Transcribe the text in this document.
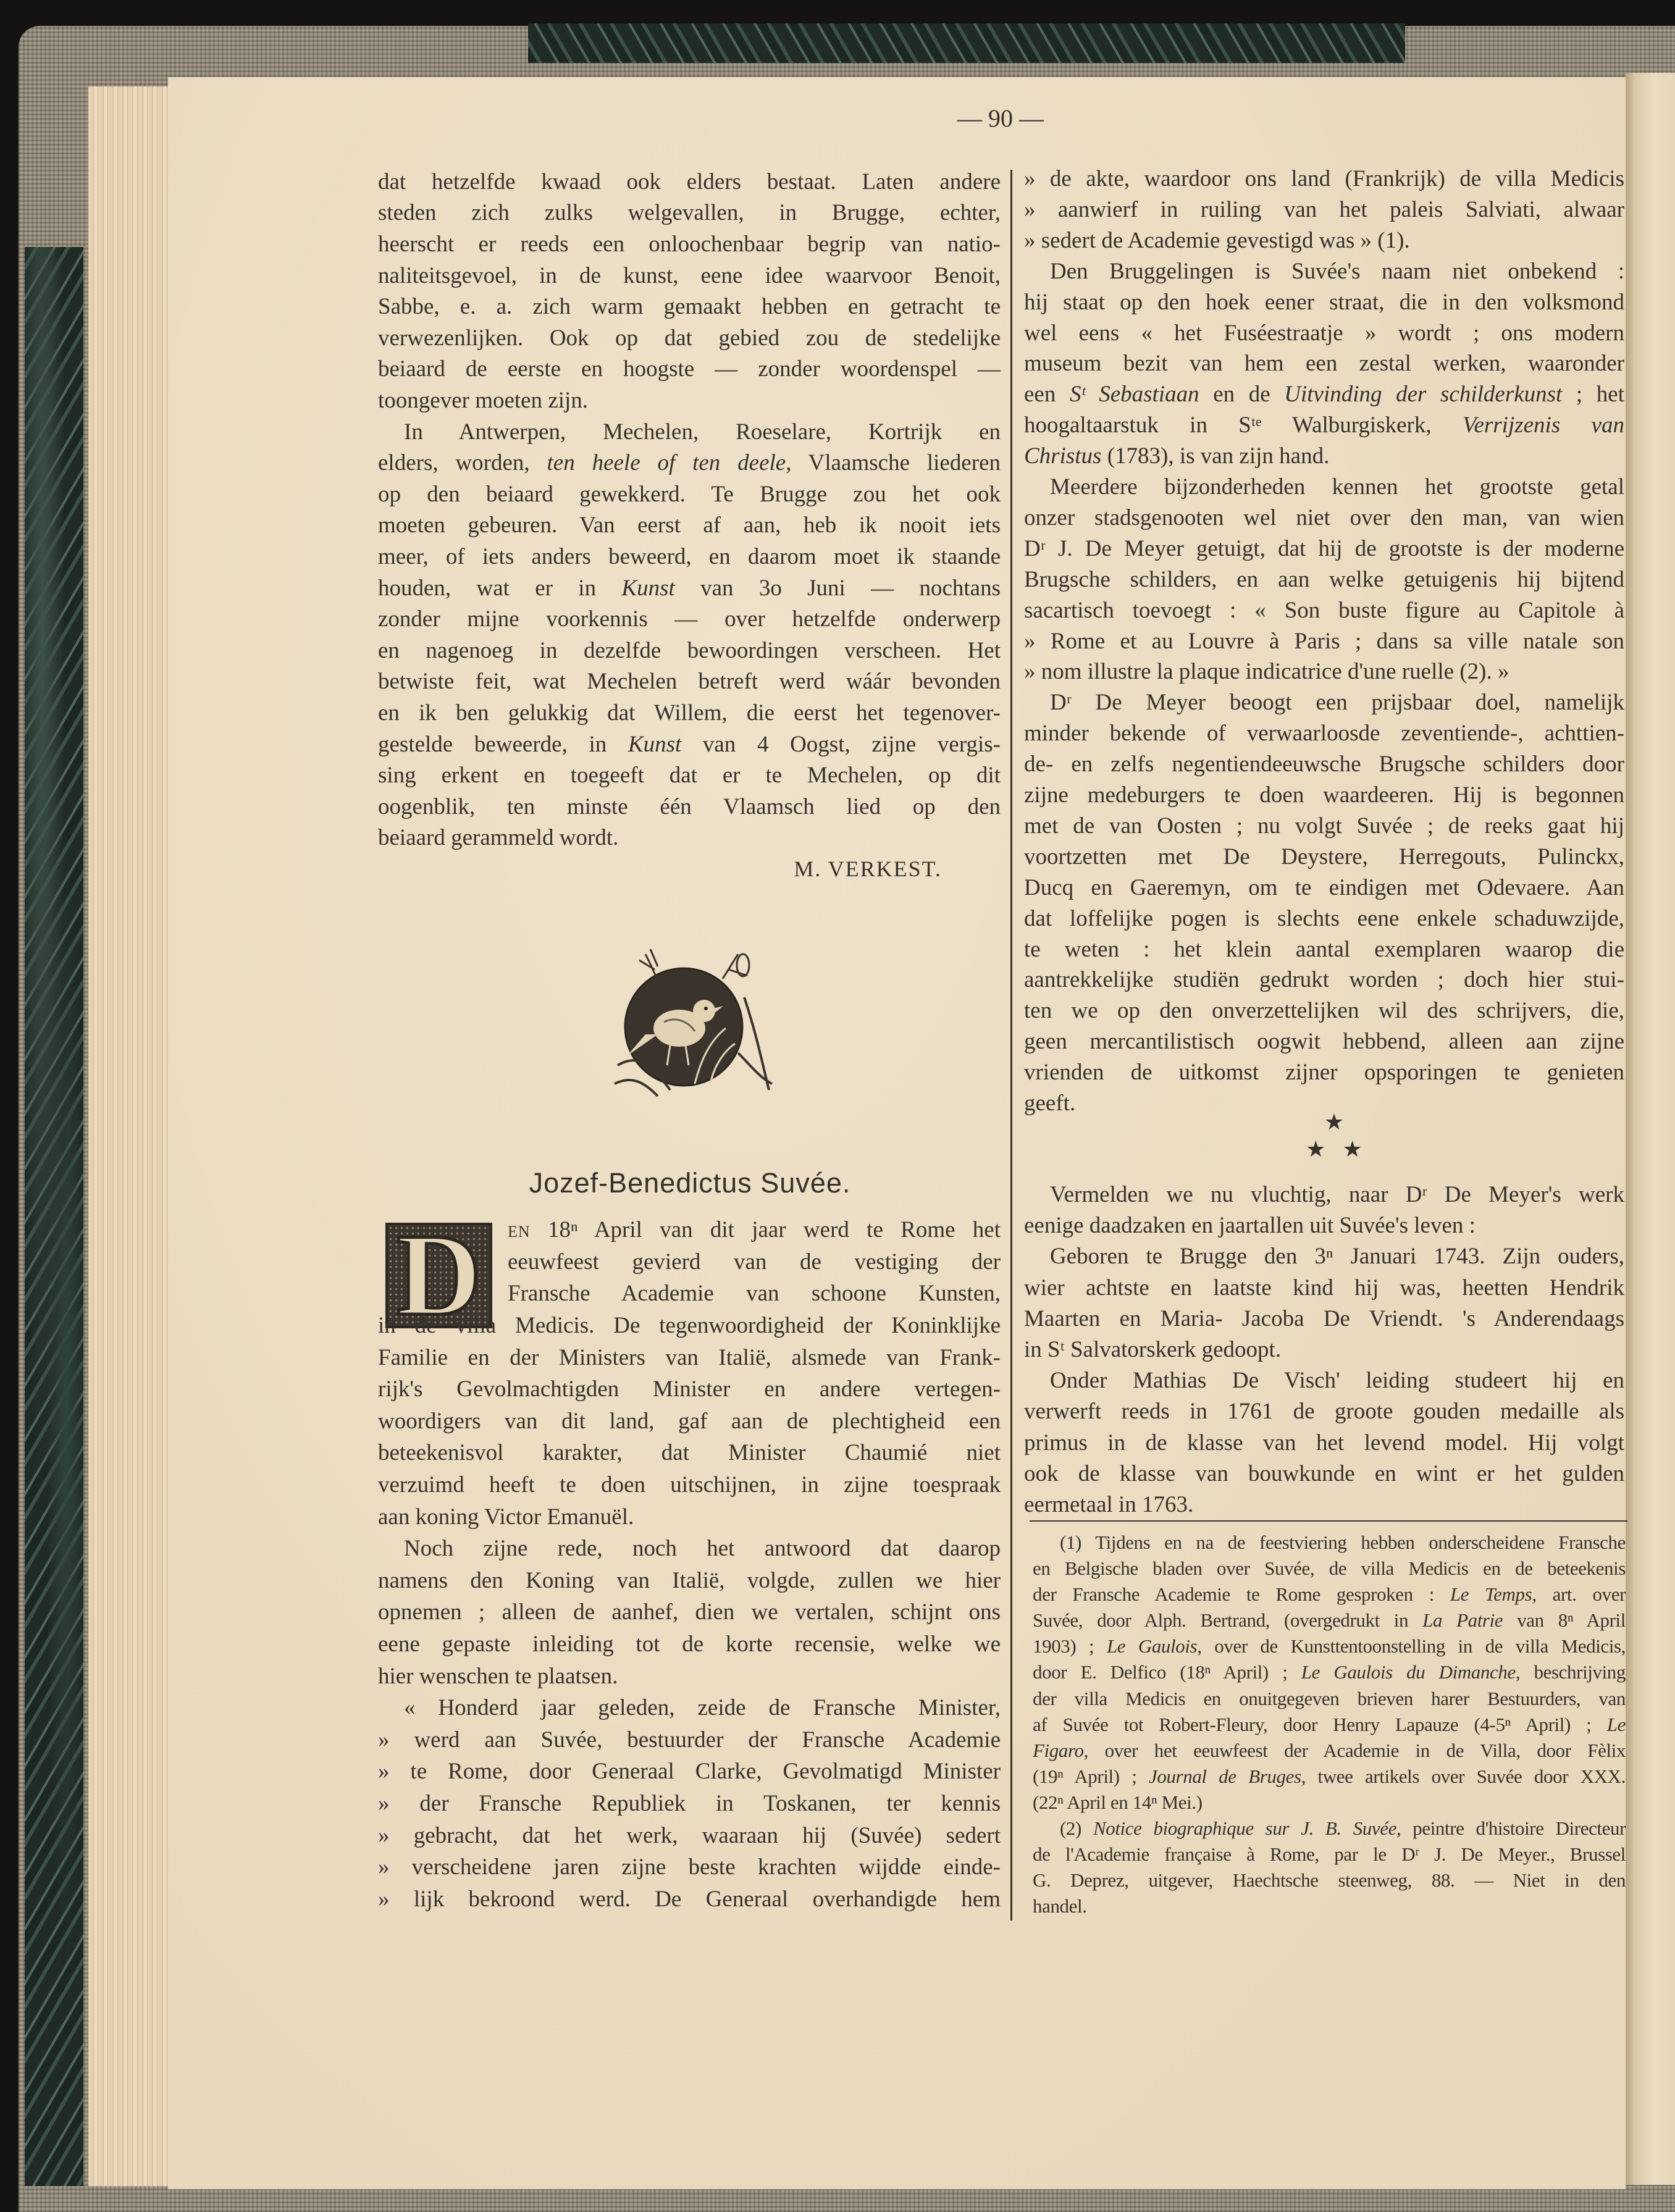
— 90 —
dat hetzelfde kwaad ook elders bestaat. Laten andere
steden zich zulks welgevallen, in Brugge, echter,
heerscht er reeds een onloochenbaar begrip van natio-
naliteitsgevoel, in de kunst, eene idee waarvoor Benoit,
Sabbe, e. a. zich warm gemaakt hebben en getracht te
verwezenlijken. Ook op dat gebied zou de stedelijke
beiaard de eerste en hoogste — zonder woordenspel —
toongever moeten zijn.
In Antwerpen, Mechelen, Roeselare, Kortrijk en
elders, worden, ten heele of ten deele, Vlaamsche liederen
op den beiaard gewekkerd. Te Brugge zou het ook
moeten gebeuren. Van eerst af aan, heb ik nooit iets
meer, of iets anders beweerd, en daarom moet ik staande
houden, wat er in Kunst van 3o Juni — nochtans
zonder mijne voorkennis — over hetzelfde onderwerp
en nagenoeg in dezelfde bewoordingen verscheen. Het
betwiste feit, wat Mechelen betreft werd wáár bevonden
en ik ben gelukkig dat Willem, die eerst het tegenover-
gestelde beweerde, in Kunst van 4 Oogst, zijne vergis-
sing erkent en toegeeft dat er te Mechelen, op dit
oogenblik, ten minste één Vlaamsch lied op den
beiaard gerammeld wordt.
M. VERKEST.
Jozef-Benedictus Suvée.
D	en 18ⁿ April van dit jaar werd te Rome het
eeuwfeest gevierd van de vestiging der
Fransche Academie van schoone Kunsten,
in de villa Medicis. De tegenwoordigheid der Koninklijke
Familie en der Ministers van Italië, alsmede van Frank-
rijk's Gevolmachtigden Minister en andere vertegen-
woordigers van dit land, gaf aan de plechtigheid een
beteekenisvol karakter, dat Minister Chaumié niet
verzuimd heeft te doen uitschijnen, in zijne toespraak
aan koning Victor Emanuël.
Noch zijne rede, noch het antwoord dat daarop
namens den Koning van Italië, volgde, zullen we hier
opnemen ; alleen de aanhef, dien we vertalen, schijnt ons
eene gepaste inleiding tot de korte recensie, welke we
hier wenschen te plaatsen.
« Honderd jaar geleden, zeide de Fransche Minister,
» werd aan Suvée, bestuurder der Fransche Academie
» te Rome, door Generaal Clarke, Gevolmatigd Minister
» der Fransche Republiek in Toskanen, ter kennis
» gebracht, dat het werk, waaraan hij (Suvée) sedert
» verscheidene jaren zijne beste krachten wijdde einde-
» lijk bekroond werd. De Generaal overhandigde hem
» de akte, waardoor ons land (Frankrijk) de villa Medicis
» aanwierf in ruiling van het paleis Salviati, alwaar
» sedert de Academie gevestigd was » (1).
Den Bruggelingen is Suvée's naam niet onbekend :
hij staat op den hoek eener straat, die in den volksmond
wel eens « het Fuséestraatje » wordt ; ons modern
museum bezit van hem een zestal werken, waaronder
een Sᵗ Sebastiaan en de Uitvinding der schilderkunst ; het
hoogaltaarstuk in Sᵗᵉ Walburgiskerk, Verrijzenis van
Christus (1783), is van zijn hand.
Meerdere bijzonderheden kennen het grootste getal
onzer stadsgenooten wel niet over den man, van wien
Dʳ J. De Meyer getuigt, dat hij de grootste is der moderne
Brugsche schilders, en aan welke getuigenis hij bijtend
sacartisch toevoegt : « Son buste figure au Capitole à
» Rome et au Louvre à Paris ; dans sa ville natale son
» nom illustre la plaque indicatrice d'une ruelle (2). »
Dʳ De Meyer beoogt een prijsbaar doel, namelijk
minder bekende of verwaarloosde zeventiende-, achttien-
de- en zelfs negentiendeeuwsche Brugsche schilders door
zijne medeburgers te doen waardeeren. Hij is begonnen
met de van Oosten ; nu volgt Suvée ; de reeks gaat hij
voortzetten met De Deystere, Herregouts, Pulinckx,
Ducq en Gaeremyn, om te eindigen met Odevaere. Aan
dat loffelijke pogen is slechts eene enkele schaduwzijde,
te weten : het klein aantal exemplaren waarop die
aantrekkelijke studiën gedrukt worden ; doch hier stui-
ten we op den onverzettelijken wil des schrijvers, die,
geen mercantilistisch oogwit hebbend, alleen aan zijne
vrienden de uitkomst zijner opsporingen te genieten
geeft.
★
★   ★
Vermelden we nu vluchtig, naar Dʳ De Meyer's werk
eenige daadzaken en jaartallen uit Suvée's leven :
Geboren te Brugge den 3ⁿ Januari 1743. Zijn ouders,
wier achtste en laatste kind hij was, heetten Hendrik
Maarten en Maria- Jacoba De Vriendt. 's Anderendaags
in Sᵗ Salvatorskerk gedoopt.
Onder Mathias De Visch' leiding studeert hij en
verwerft reeds in 1761 de groote gouden medaille als
primus in de klasse van het levend model. Hij volgt
ook de klasse van bouwkunde en wint er het gulden
eermetaal in 1763.
(1) Tijdens en na de feestviering hebben onderscheidene Fransche
en Belgische bladen over Suvée, de villa Medicis en de beteekenis
der Fransche Academie te Rome gesproken : Le Temps, art. over
Suvée, door Alph. Bertrand, (overgedrukt in La Patrie van 8ⁿ April
1903) ; Le Gaulois, over de Kunsttentoonstelling in de villa Medicis,
door E. Delfico (18ⁿ April) ; Le Gaulois du Dimanche, beschrijving
der villa Medicis en onuitgegeven brieven harer Bestuurders, van
af Suvée tot Robert-Fleury, door Henry Lapauze (4-5ⁿ April) ; Le
Figaro, over het eeuwfeest der Academie in de Villa, door Fèlix
(19ⁿ April) ; Journal de Bruges, twee artikels over Suvée door XXX.
(22ⁿ April en 14ⁿ Mei.)
(2) Notice biographique sur J. B. Suvée, peintre d'histoire Directeur
de l'Academie française à Rome, par le Dʳ J. De Meyer., Brussel
G. Deprez, uitgever, Haechtsche steenweg, 88. — Niet in den
handel.
